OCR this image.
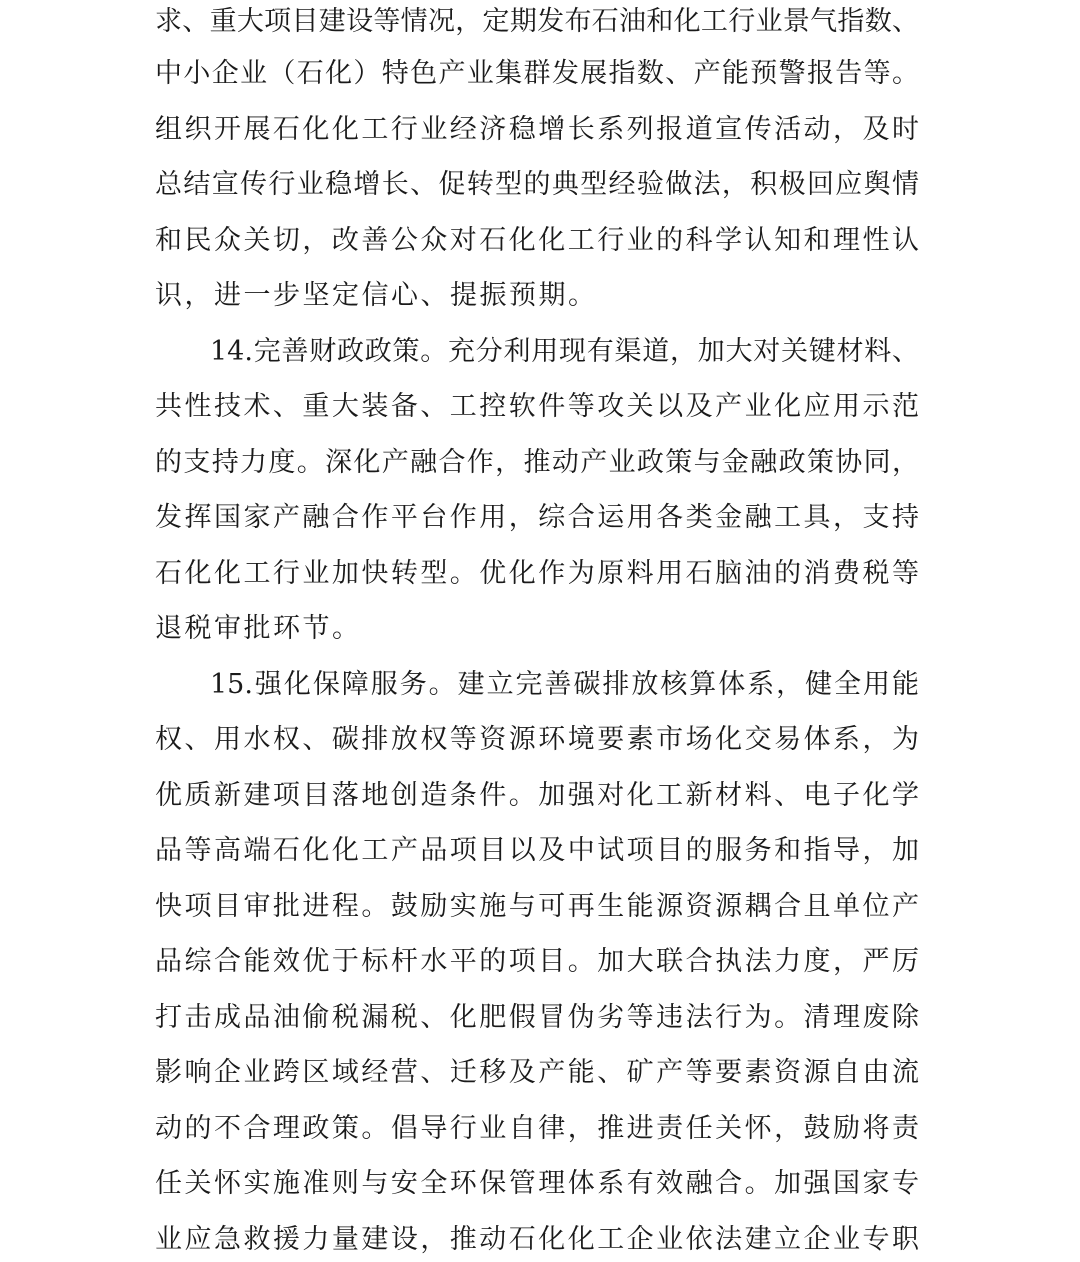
求、重大项目建设等情况，定期发布石油和化工行业景气指数、
中小企业（石化）特色产业集群发展指数、产能预警报告等。
组织开展石化化工行业经济稳增长系列报道宣传活动，及时
总结宣传行业稳增长、促转型的典型经验做法，积极回应舆情
和民众关切，改善公众对石化化工行业的科学认知和理性认
识，进一步坚定信心、提振预期。
14.完善财政政策。充分利用现有渠道，加大对关键材料、
共性技术、重大装备、工控软件等攻关以及产业化应用示范
的支持力度。深化产融合作，推动产业政策与金融政策协同，
发挥国家产融合作平台作用，综合运用各类金融工具，支持
石化化工行业加快转型。优化作为原料用石脑油的消费税等
退税审批环节。
15.强化保障服务。建立完善碳排放核算体系，健全用能
权、用水权、碳排放权等资源环境要素市场化交易体系，为
优质新建项目落地创造条件。加强对化工新材料、电子化学
品等高端石化化工产品项目以及中试项目的服务和指导，加
快项目审批进程。鼓励实施与可再生能源资源耦合且单位产
品综合能效优于标杆水平的项目。加大联合执法力度，严厉
打击成品油偷税漏税、化肥假冒伪劣等违法行为。清理废除
影响企业跨区域经营、迁移及产能、矿产等要素资源自由流
动的不合理政策。倡导行业自律，推进责任关怀，鼓励将责
任关怀实施准则与安全环保管理体系有效融合。加强国家专
业应急救援力量建设，推动石化化工企业依法建立企业专职
